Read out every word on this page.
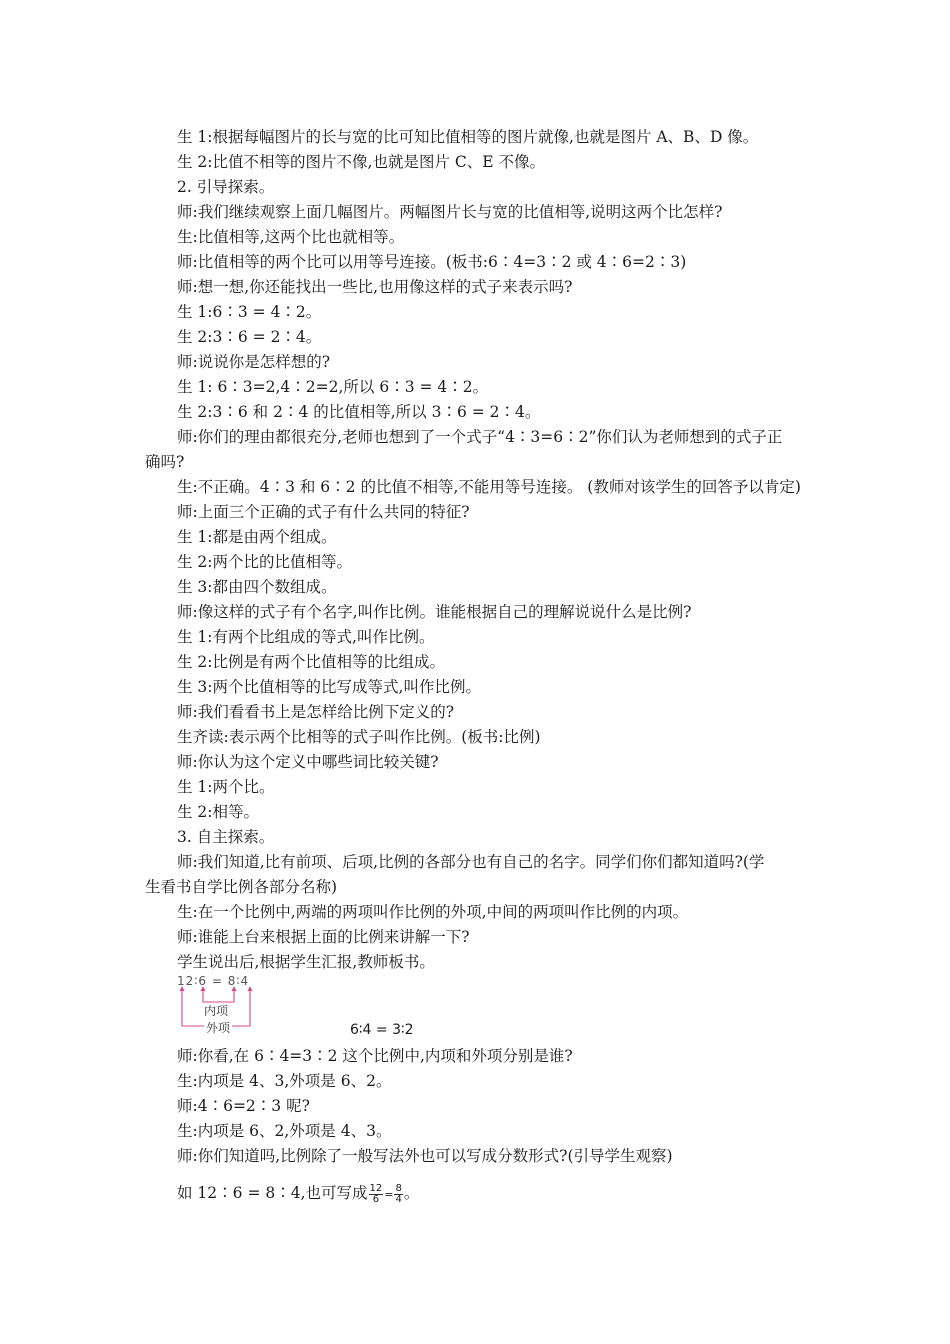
生 1:根据每幅图片的长与宽的比可知比值相等的图片就像,也就是图片 A、B、D 像。
生 2:比值不相等的图片不像,也就是图片 C、E 不像。
2. 引导探索。
师:我们继续观察上面几幅图片。两幅图片长与宽的比值相等,说明这两个比怎样?
生:比值相等,这两个比也就相等。
师:比值相等的两个比可以用等号连接。(板书:6∶4=3∶2 或 4∶6=2∶3)
师:想一想,你还能找出一些比,也用像这样的式子来表示吗?
生 1:6∶3 = 4∶2。
生 2:3∶6 = 2∶4。
师:说说你是怎样想的?
生 1: 6∶3=2,4∶2=2,所以 6∶3 = 4∶2。
生 2:3∶6 和 2∶4 的比值相等,所以 3∶6 = 2∶4。
师:你们的理由都很充分,老师也想到了一个式子“4∶3=6∶2”你们认为老师想到的式子正
确吗?
生:不正确。4∶3 和 6∶2 的比值不相等,不能用等号连接。 (教师对该学生的回答予以肯定)
师:上面三个正确的式子有什么共同的特征?
生 1:都是由两个组成。
生 2:两个比的比值相等。
生 3:都由四个数组成。
师:像这样的式子有个名字,叫作比例。谁能根据自己的理解说说什么是比例?
生 1:有两个比组成的等式,叫作比例。
生 2:比例是有两个比值相等的比组成。
生 3:两个比值相等的比写成等式,叫作比例。
师:我们看看书上是怎样给比例下定义的?
生齐读:表示两个比相等的式子叫作比例。(板书:比例)
师:你认为这个定义中哪些词比较关键?
生 1:两个比。
生 2:相等。
3. 自主探索。
师:我们知道,比有前项、后项,比例的各部分也有自己的名字。同学们你们都知道吗?(学
生看书自学比例各部分名称)
生:在一个比例中,两端的两项叫作比例的外项,中间的两项叫作比例的内项。
师:谁能上台来根据上面的比例来讲解一下?
学生说出后,根据学生汇报,教师板书。
12∶6 = 8∶4
内项
外项	6∶4 = 3∶2
师:你看,在 6∶4=3∶2 这个比例中,内项和外项分别是谁?
生:内项是 4、3,外项是 6、2。
师:4∶6=2∶3 呢?
生:内项是 6、2,外项是 4、3。
师:你们知道吗,比例除了一般写法外也可以写成分数形式?(引导学生观察)
如 12∶6 = 8∶4,也可写成 $\frac{12}{6} = \frac{8}{4}$ 。
